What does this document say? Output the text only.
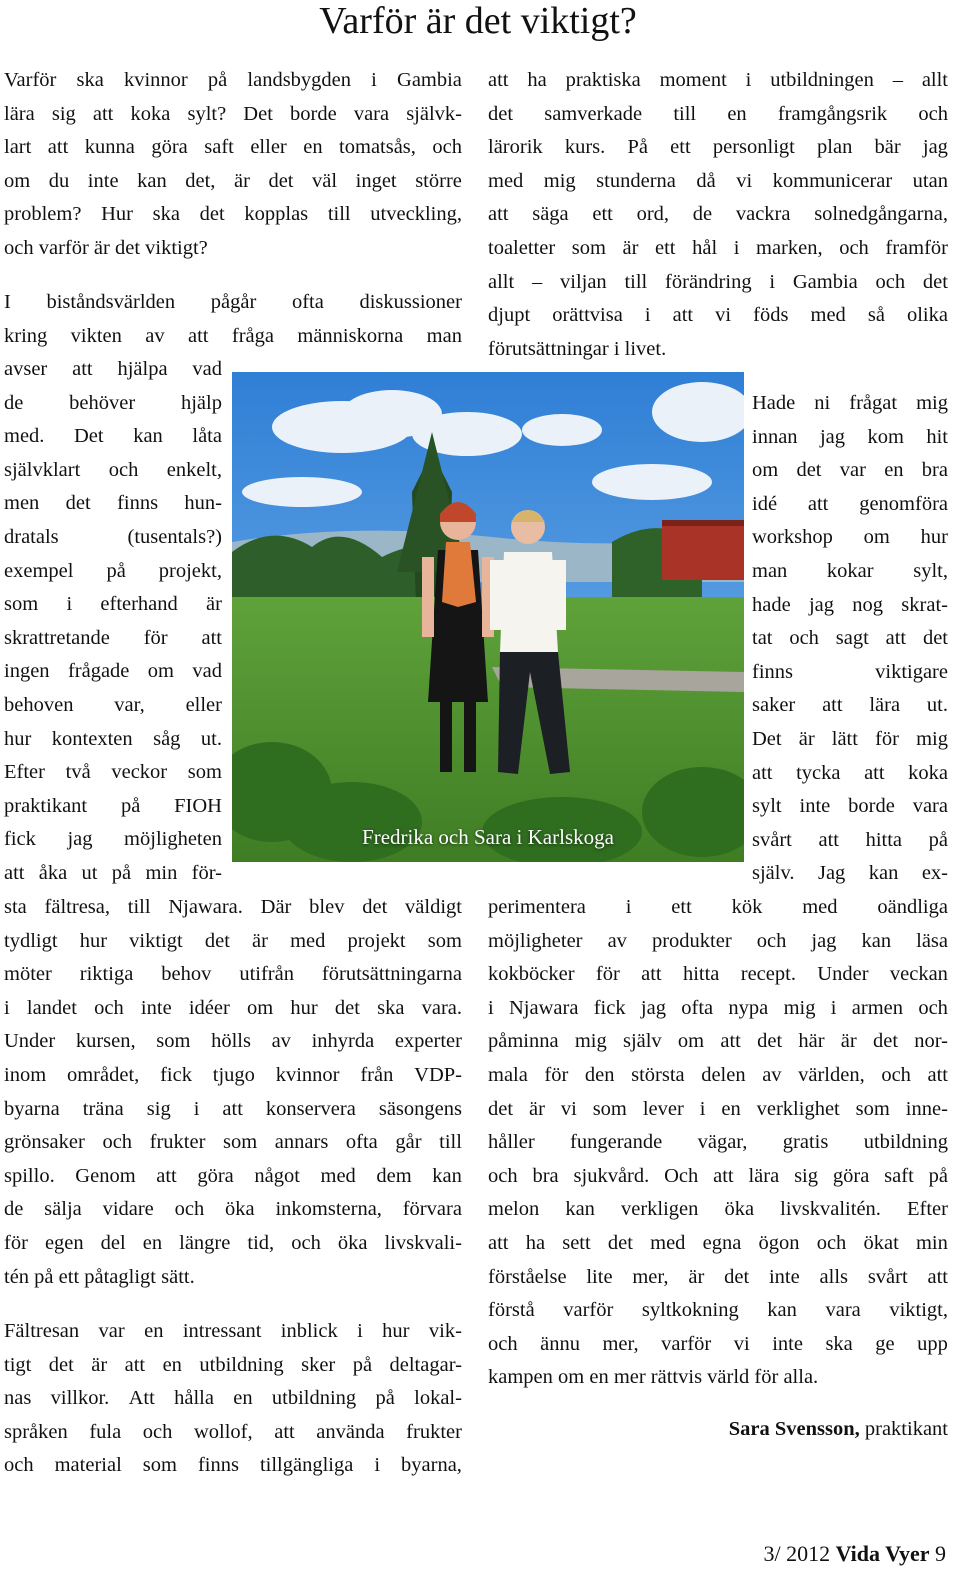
Varför är det viktigt?

Varför ska kvinnor på landsbygden i Gambia
lära sig att koka sylt? Det borde vara självk-
lart att kunna göra saft eller en tomatsås, och
om du inte kan det, är det väl inget större
problem? Hur ska det kopplas till utveckling,
och varför är det viktigt?

I biståndsvärlden pågår ofta diskussioner
kring vikten av att fråga människorna man
avser att hjälpa vad
de behöver hjälp
med. Det kan låta
självklart och enkelt,
men det finns hun-
dratals	(tusentals?)
exempel på projekt,
som i efterhand är
skrattretande för att
ingen frågade om vad
behoven var, eller
hur kontexten såg ut.
Efter två veckor som
praktikant på FIOH
fick jag möjligheten
att åka ut på min för-
sta fältresa, till Njawara. Där blev det väldigt
tydligt hur viktigt det är med projekt som
möter riktiga behov utifrån förutsättningarna
i landet och inte idéer om hur det ska vara.
Under kursen, som hölls av inhyrda experter
inom området, fick tjugo kvinnor från VDP-
byarna träna sig i att konservera säsongens
grönsaker och frukter som annars ofta går till
spillo. Genom att göra något med dem kan
de sälja vidare och öka inkomsterna, förvara
för egen del en längre tid, och öka livskvali-
tén på ett påtagligt sätt.
Fältresan var en intressant inblick i hur vik-
tigt det är att en utbildning sker på deltagar-
nas villkor. Att hålla en utbildning på lokal-
språken fula och wollof, att använda frukter
och material som finns tillgängliga i byarna,
att ha praktiska moment i utbildningen – allt
det samverkade till en framgångsrik och
lärorik kurs. På ett personligt plan bär jag
med mig stunderna då vi kommunicerar utan
att säga ett ord, de vackra solnedgångarna,
toaletter som är ett hål i marken, och framför
allt – viljan till förändring i Gambia och det
djupt orättvisa i att vi föds med så olika
förutsättningar i livet.
Hade ni frågat mig
innan jag kom hit
om det var en bra
idé att genomföra
workshop om hur
man kokar sylt,
hade jag nog skrat-
tat och sagt att det
finns	viktigare
saker att lära ut.
Det är lätt för mig
att tycka att koka
sylt inte borde vara
svårt att hitta på
själv. Jag kan ex-
perimentera i ett kök med oändliga
möjligheter av produkter och jag kan läsa
kokböcker för att hitta recept. Under veckan
i Njawara fick jag ofta nypa mig i armen och
påminna mig själv om att det här är det nor-
mala för den största delen av världen, och att
det är vi som lever i en verklighet som inne-
håller fungerande vägar, gratis utbildning
och bra sjukvård. Och att lära sig göra saft på
melon kan verkligen öka livskvalitén. Efter
att ha sett det med egna ögon och ökat min
förståelse lite mer, är det inte alls svårt att
förstå varför syltkokning kan vara viktigt,
och ännu mer, varför vi inte ska ge upp
kampen om en mer rättvis värld för alla.
Fredrika och Sara i Karlskoga
Sara Svensson, praktikant
3/ 2012 Vida Vyer 9
